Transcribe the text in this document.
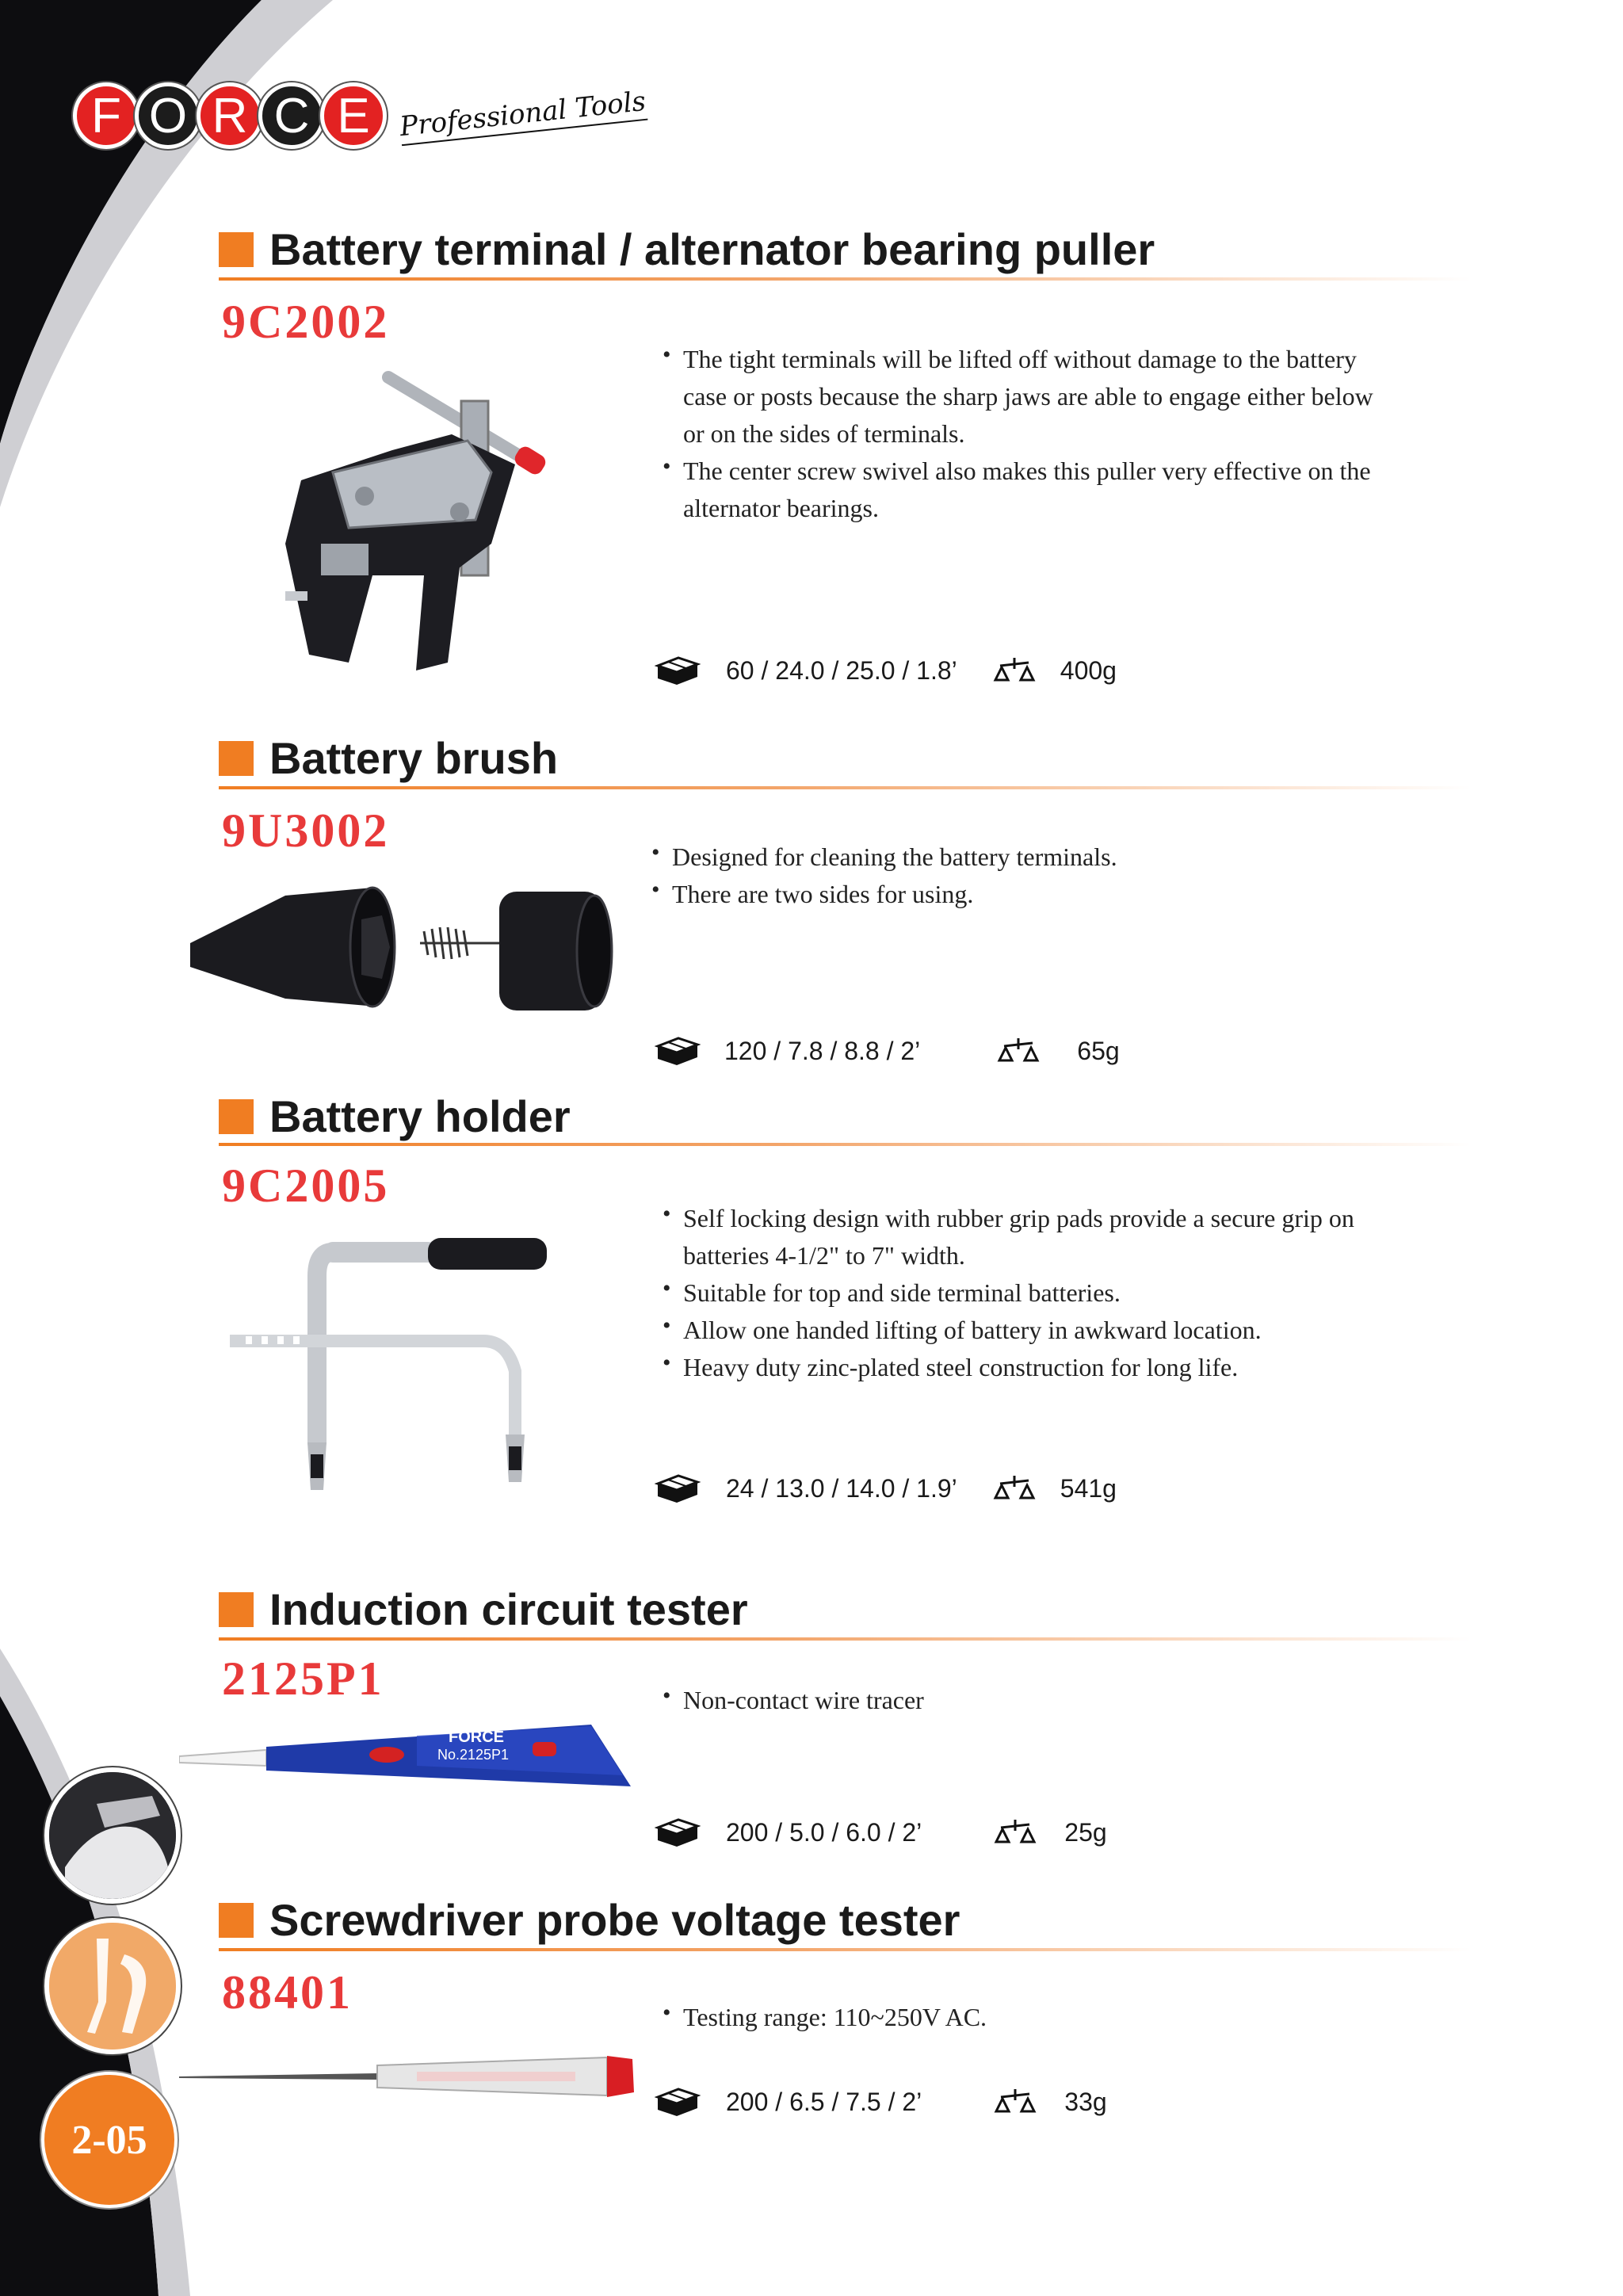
F O R C E	Professional Tools
Battery terminal / alternator bearing puller
9C2002
• The tight terminals will be lifted off without damage to the battery case or posts because the sharp jaws are able to engage either below or on the sides of terminals.
• The center screw swivel also makes this puller very effective on the alternator bearings.
60 / 24.0 / 25.0 / 1.8’	400g
Battery brush
9U3002	• Designed for cleaning the battery terminals.
• There are two sides for using.
120 / 7.8 / 8.8 / 2’	65g
Battery holder
9C2005
• Self locking design with rubber grip pads provide a secure grip on batteries 4-1/2" to 7" width.
• Suitable for top and side terminal batteries.
• Allow one handed lifting of battery in awkward location.
• Heavy duty zinc-plated steel construction for long life.
24 / 13.0 / 14.0 / 1.9’	541g
Induction circuit tester
2125P1	• Non-contact wire tracer
FORCE
No.2125P1
200 / 5.0 / 6.0 / 2’	25g
Screwdriver probe voltage tester
88401	• Testing range: 110~250V AC.
200 / 6.5 / 7.5 / 2’	33g
2-05
